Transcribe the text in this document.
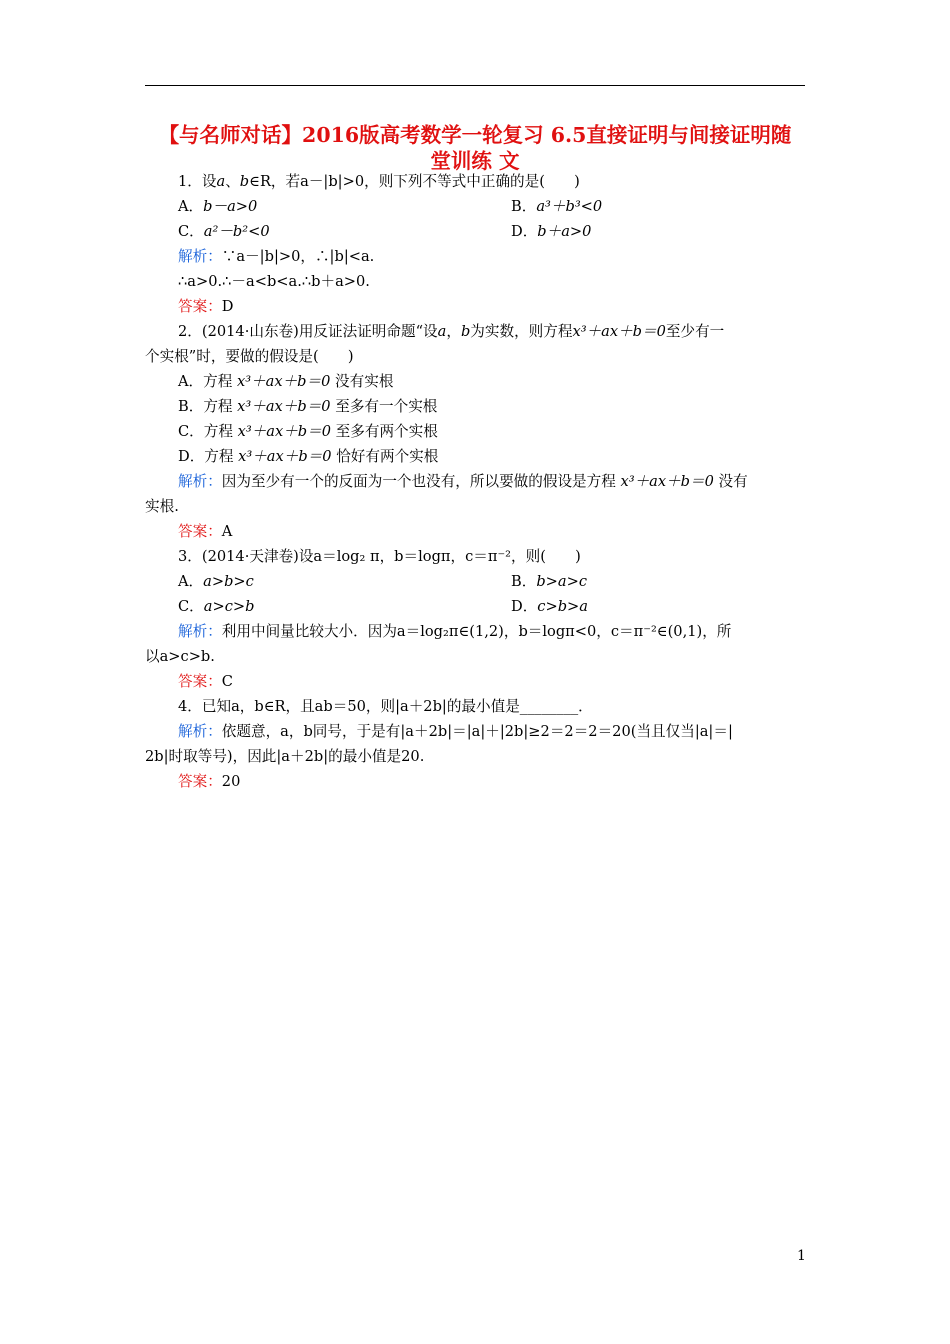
【与名师对话】2016版高考数学一轮复习 6.5直接证明与间接证明随
堂训练 文
1．设a、b∈R，若a－|b|>0，则下列不等式中正确的是(　　)
A．b－a>0	B．a³＋b³<0
C．a²－b²<0	D．b＋a>0
解析：∵a－|b|>0，∴|b|<a.
∴a>0.∴－a<b<a.∴b＋a>0.
答案：D
2．(2014·山东卷)用反证法证明命题“设a，b为实数，则方程x³＋ax＋b＝0至少有一
个实根”时，要做的假设是(　　)
A．方程 x³＋ax＋b＝0 没有实根
B．方程 x³＋ax＋b＝0 至多有一个实根
C．方程 x³＋ax＋b＝0 至多有两个实根
D．方程 x³＋ax＋b＝0 恰好有两个实根
解析：因为至少有一个的反面为一个也没有，所以要做的假设是方程 x³＋ax＋b＝0 没有
实根.
答案：A
3．(2014·天津卷)设a＝log₂ π，b＝logπ，c＝π⁻²，则(　　)
A．a>b>c	B．b>a>c
C．a>c>b	D．c>b>a
解析：利用中间量比较大小．因为a＝log₂π∈(1,2)，b＝logπ<0，c＝π⁻²∈(0,1)，所
以a>c>b.
答案：C
4．已知a，b∈R，且ab＝50，则|a＋2b|的最小值是________．
解析：依题意，a，b同号，于是有|a＋2b|＝|a|＋|2b|≥2＝2＝2＝20(当且仅当|a|＝|
2b|时取等号)，因此|a＋2b|的最小值是20.
答案：20
1
